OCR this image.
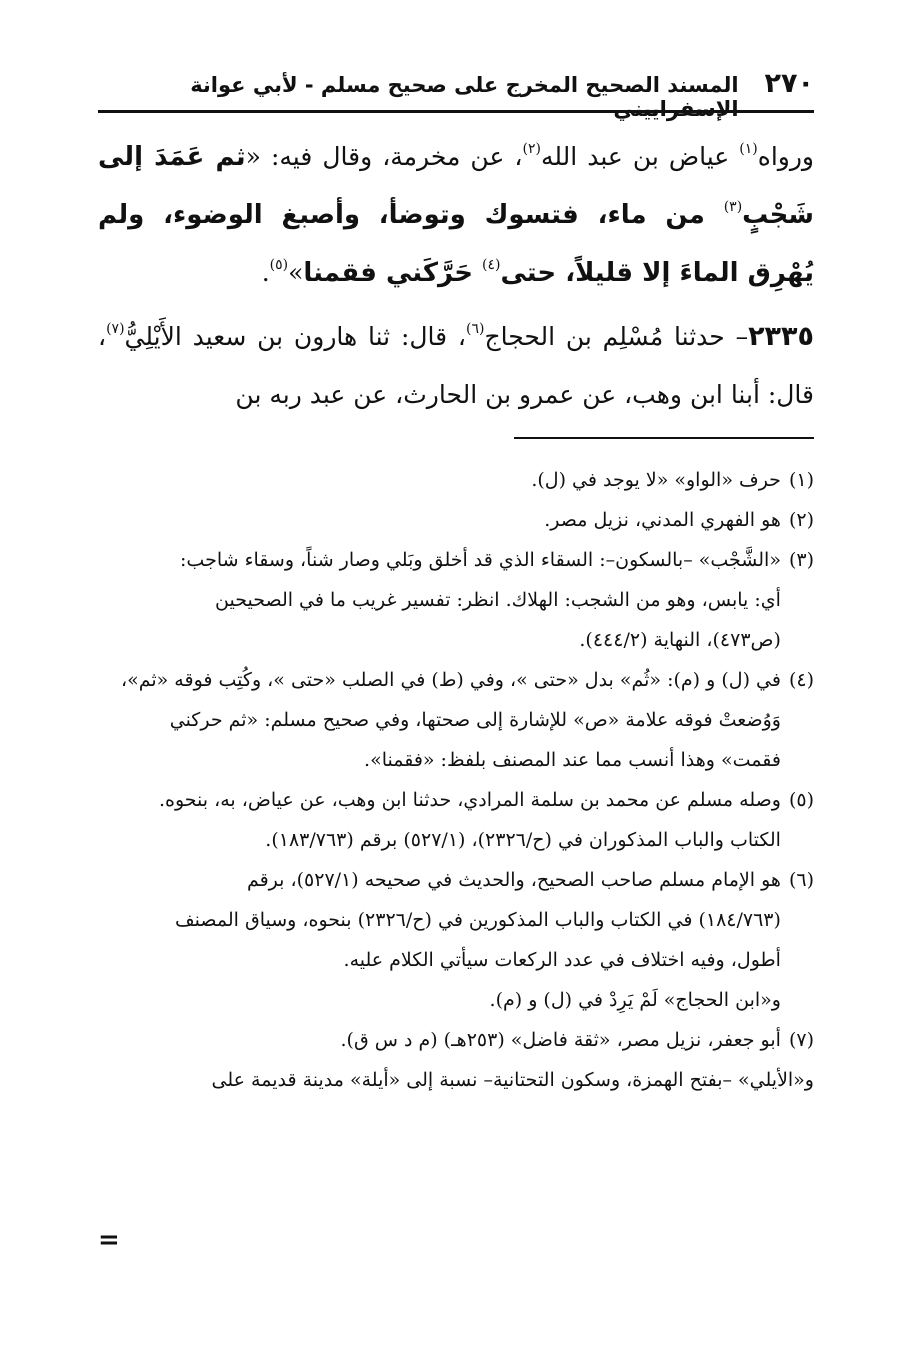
٢٧٠
المسند الصحيح المخرج على صحيح مسلم - لأبي عوانة الإسفراييني

ورواه$^{(١)}$ عياض بن عبد الله$^{(٢)}$، عن مخرمة، وقال فيه: «ثم عَمَدَ إلى شَجْبٍ$^{(٣)}$ من ماء، فتسوك وتوضأ، وأصبغ الوضوء، ولم يُهْرِق الماءَ إلا قليلاً، حتى$^{(٤)}$ حَرَّكَني فقمنا»$^{(٥)}$.

٢٣٣٥– حدثنا مُسْلِم بن الحجاج$^{(٦)}$، قال: ثنا هارون بن سعيد الأَيْلِيُّ$^{(٧)}$، قال: أبنا ابن وهب، عن عمرو بن الحارث، عن عبد ربه بن

(١)
حرف «الواو» «لا يوجد في (ل).
(٢)
هو الفهري المدني، نزيل مصر.
(٣)
«الشَّجْب» –بالسكون–: السقاء الذي قد أخلق وبَلي وصار شناً، وسقاء شاجب:
أي: يابس، وهو من الشجب: الهلاك. انظر: تفسير غريب ما في الصحيحين
(ص٤٧٣)، النهاية (٤٤٤/٢).
(٤)
في (ل) و (م): «ثُم» بدل «حتى »، وفي (ط) في الصلب «حتى »، وكُتِب فوقه «ثم»،
وَوُضعتْ فوقه علامة «ص» للإشارة إلى صحتها، وفي صحيح مسلم: «ثم حركني
فقمت» وهذا أنسب مما عند المصنف بلفظ: «فقمنا».
(٥)
وصله مسلم عن محمد بن سلمة المرادي، حدثنا ابن وهب، عن عياض، به، بنحوه.
الكتاب والباب المذكوران في (ح/٢٣٢٦)، (٥٢٧/١) برقم (١٨٣/٧٦٣).
(٦)
هو الإمام مسلم صاحب الصحيح، والحديث في صحيحه (٥٢٧/١)، برقم
(١٨٤/٧٦٣) في الكتاب والباب المذكورين في (ح/٢٣٢٦) بنحوه، وسياق المصنف
أطول، وفيه اختلاف في عدد الركعات سيأتي الكلام عليه.
و«ابن الحجاج» لَمْ يَرِدْ في (ل) و (م).
(٧)
أبو جعفر، نزيل مصر، «ثقة فاضل» (٢٥٣هـ) (م د س ق).
و«الأيلي» –بفتح الهمزة، وسكون التحتانية– نسبة إلى «أيلة» مدينة قديمة على
=
